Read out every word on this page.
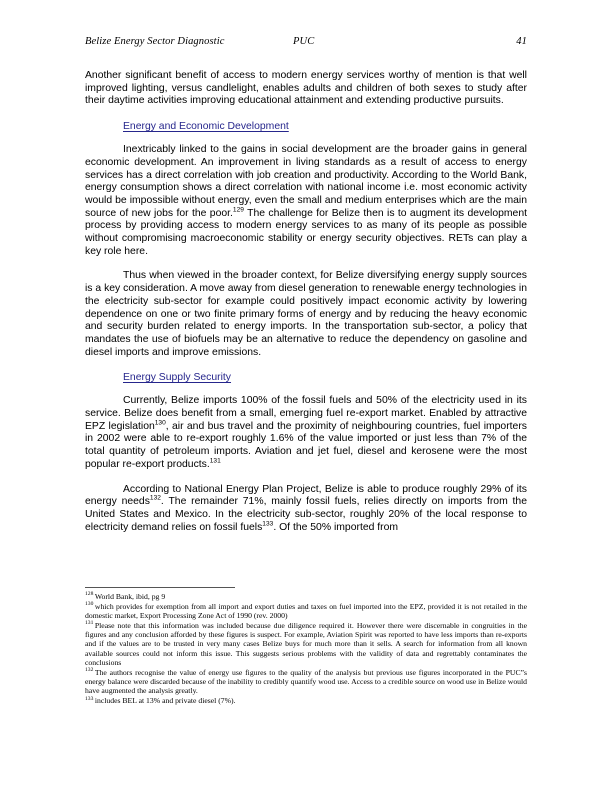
Belize Energy Sector Diagnostic	PUC	41

Another significant benefit of access to modern energy services worthy of mention is that well improved lighting, versus candlelight, enables adults and children of both sexes to study after their daytime activities improving educational attainment and extending productive pursuits.

Energy and Economic Development

Inextricably linked to the gains in social development are the broader gains in general economic development. An improvement in living standards as a result of access to energy services has a direct correlation with job creation and productivity. According to the World Bank, energy consumption shows a direct correlation with national income i.e. most economic activity would be impossible without energy, even the small and medium enterprises which are the main source of new jobs for the poor.$^{129}$ The challenge for Belize then is to augment its development process by providing access to modern energy services to as many of its people as possible without compromising macroeconomic stability or energy security objectives. RETs can play a key role here.

Thus when viewed in the broader context, for Belize diversifying energy supply sources is a key consideration. A move away from diesel generation to renewable energy technologies in the electricity sub-sector for example could positively impact economic activity by lowering dependence on one or two finite primary forms of energy and by reducing the heavy economic and security burden related to energy imports. In the transportation sub-sector, a policy that mandates the use of biofuels may be an alternative to reduce the dependency on gasoline and diesel imports and improve emissions.

Energy Supply Security

Currently, Belize imports 100% of the fossil fuels and 50% of the electricity used in its service. Belize does benefit from a small, emerging fuel re-export market. Enabled by attractive EPZ legislation$^{130}$, air and bus travel and the proximity of neighbouring countries, fuel importers in 2002 were able to re-export roughly 1.6% of the value imported or just less than 7% of the total quantity of petroleum imports. Aviation and jet fuel, diesel and kerosene were the most popular re-export products.$^{131}$

According to National Energy Plan Project, Belize is able to produce roughly 29% of its energy needs$^{132}$. The remainder 71%, mainly fossil fuels, relies directly on imports from the United States and Mexico. In the electricity sub-sector, roughly 20% of the local response to electricity demand relies on fossil fuels$^{133}$. Of the 50% imported from

$^{128}$ World Bank, ibid, pg 9

$^{130}$ which provides for exemption from all import and export duties and taxes on fuel imported into the EPZ, provided it is not retailed in the domestic market, Export Processing Zone Act of 1990 (rev. 2000)

$^{131}$ Please note that this information was included because due diligence required it. However there were discernable in congruities in the figures and any conclusion afforded by these figures is suspect. For example, Aviation Spirit was reported to have less imports than re-exports and if the values are to be trusted in very many cases Belize buys for much more than it sells. A search for information from all known available sources could not inform this issue. This suggests serious problems with the validity of data and regrettably contaminates the conclusions

$^{132}$ The authors recognise the value of energy use figures to the quality of the analysis but previous use figures incorporated in the PUC”s energy balance were discarded because of the inability to credibly quantify wood use. Access to a credible source on wood use in Belize would have augmented the analysis greatly.

$^{133}$ includes BEL at 13% and private diesel (7%).
